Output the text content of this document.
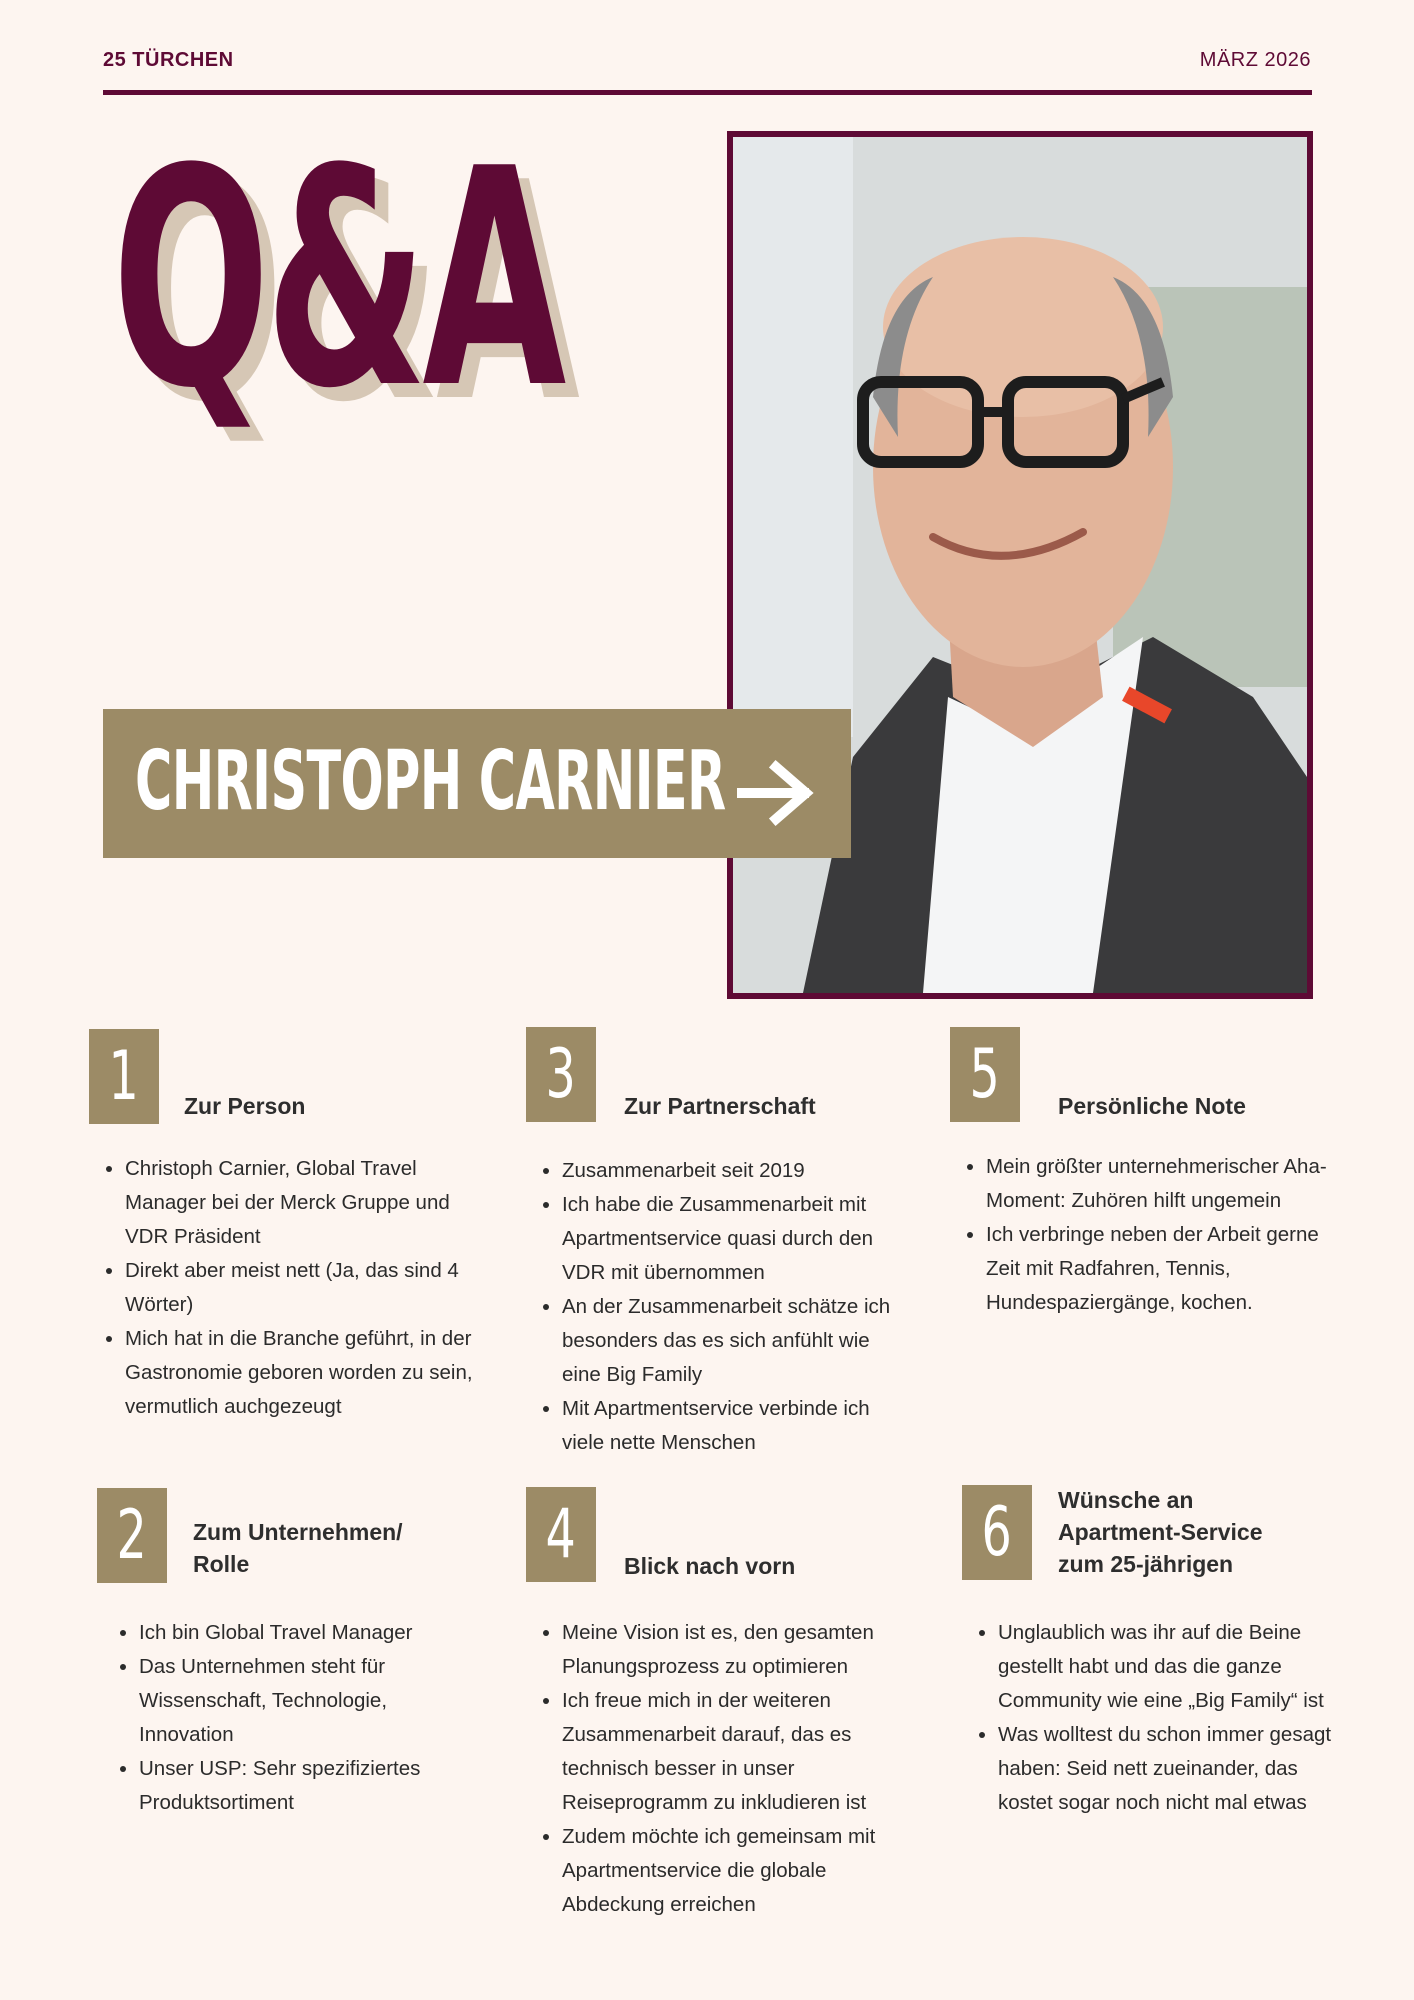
25 TÜRCHEN	MÄRZ 2026
Q&A
CHRISTOPH CARNIER
1 Zur Person
• Christoph Carnier, Global Travel Manager bei der Merck Gruppe und VDR Präsident
• Direkt aber meist nett (Ja, das sind 4 Wörter)
• Mich hat in die Branche geführt, in der Gastronomie geboren worden zu sein, vermutlich auchgezeugt
2 Zum Unternehmen/ Rolle
• Ich bin Global Travel Manager
• Das Unternehmen steht für Wissenschaft, Technologie, Innovation
• Unser USP: Sehr spezifiziertes Produktsortiment
3 Zur Partnerschaft
• Zusammenarbeit seit 2019
• Ich habe die Zusammenarbeit mit Apartmentservice quasi durch den VDR mit übernommen
• An der Zusammenarbeit schätze ich besonders das es sich anfühlt wie eine Big Family
• Mit Apartmentservice verbinde ich viele nette Menschen
4 Blick nach vorn
• Meine Vision ist es, den gesamten Planungsprozess zu optimieren
• Ich freue mich in der weiteren Zusammenarbeit darauf, das es technisch besser in unser Reiseprogramm zu inkludieren ist
• Zudem möchte ich gemeinsam mit Apartmentservice die globale Abdeckung erreichen
5	Persönliche Note
• Mein größter unternehmerischer Aha-Moment: Zuhören hilft ungemein
• Ich verbringe neben der Arbeit gerne Zeit mit Radfahren, Tennis, Hundespaziergänge, kochen.
6 Wünsche an Apartment-Service zum 25-jährigen
• Unglaublich was ihr auf die Beine gestellt habt und das die ganze Community wie eine „Big Family“ ist
• Was wolltest du schon immer gesagt haben: Seid nett zueinander, das kostet sogar noch nicht mal etwas
